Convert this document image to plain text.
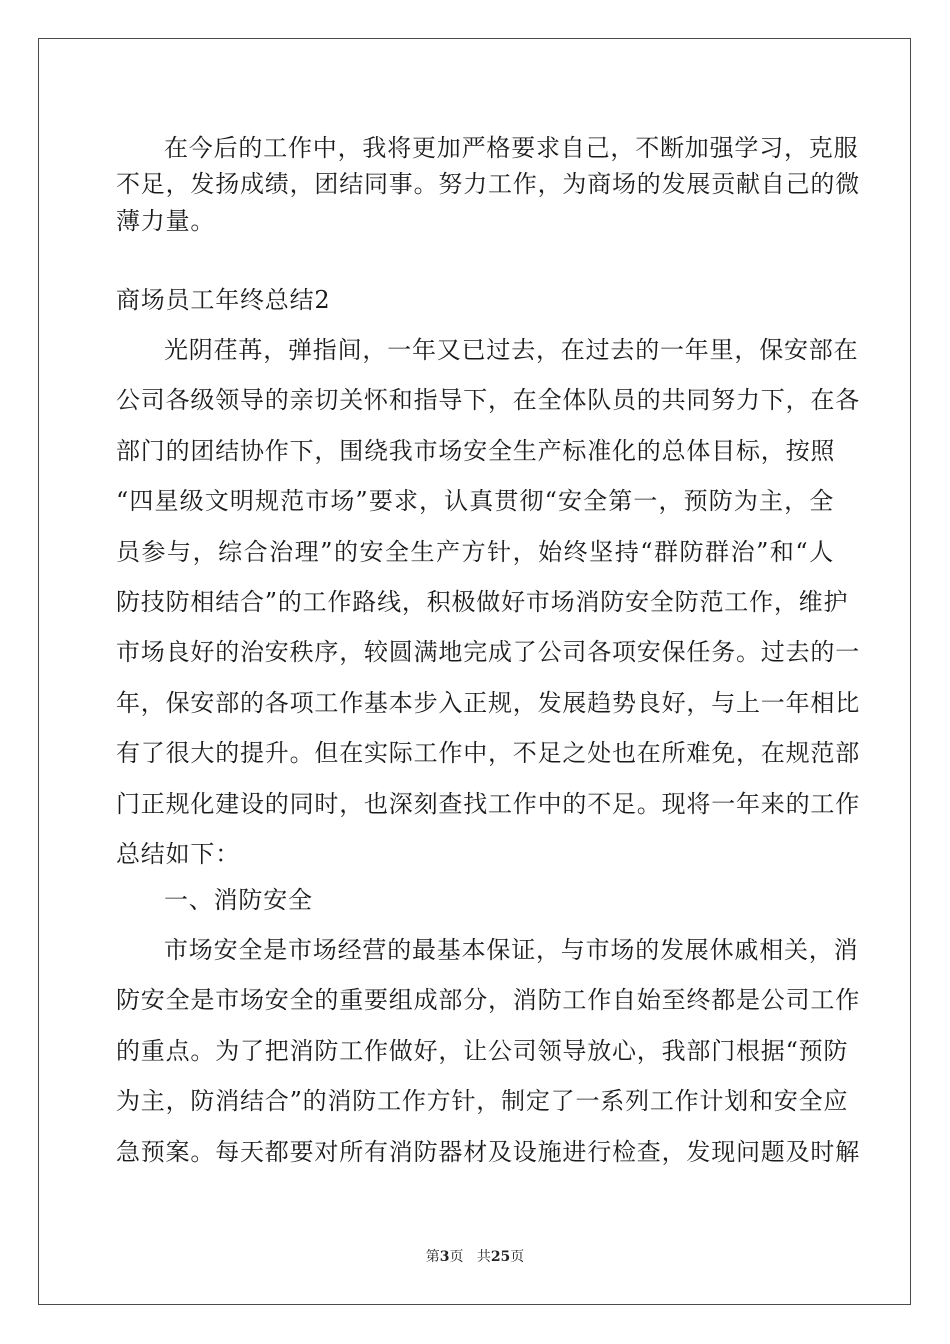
在今后的工作中，我将更加严格要求自己，不断加强学习，克服
不足，发扬成绩，团结同事。努力工作，为商场的发展贡献自己的微
薄力量。
商场员工年终总结2
光阴荏苒，弹指间，一年又已过去，在过去的一年里，保安部在
公司各级领导的亲切关怀和指导下，在全体队员的共同努力下，在各
部门的团结协作下，围绕我市场安全生产标准化的总体目标，按照
“四星级文明规范市场”要求，认真贯彻“安全第一，预防为主，全
员参与，综合治理”的安全生产方针，始终坚持“群防群治”和“人
防技防相结合”的工作路线，积极做好市场消防安全防范工作，维护
市场良好的治安秩序，较圆满地完成了公司各项安保任务。过去的一
年，保安部的各项工作基本步入正规，发展趋势良好，与上一年相比
有了很大的提升。但在实际工作中，不足之处也在所难免，在规范部
门正规化建设的同时，也深刻查找工作中的不足。现将一年来的工作
总结如下：
一、消防安全
市场安全是市场经营的最基本保证，与市场的发展休戚相关，消
防安全是市场安全的重要组成部分，消防工作自始至终都是公司工作
的重点。为了把消防工作做好，让公司领导放心，我部门根据“预防
为主，防消结合”的消防工作方针，制定了一系列工作计划和安全应
急预案。每天都要对所有消防器材及设施进行检查，发现问题及时解
第3页 共25页
